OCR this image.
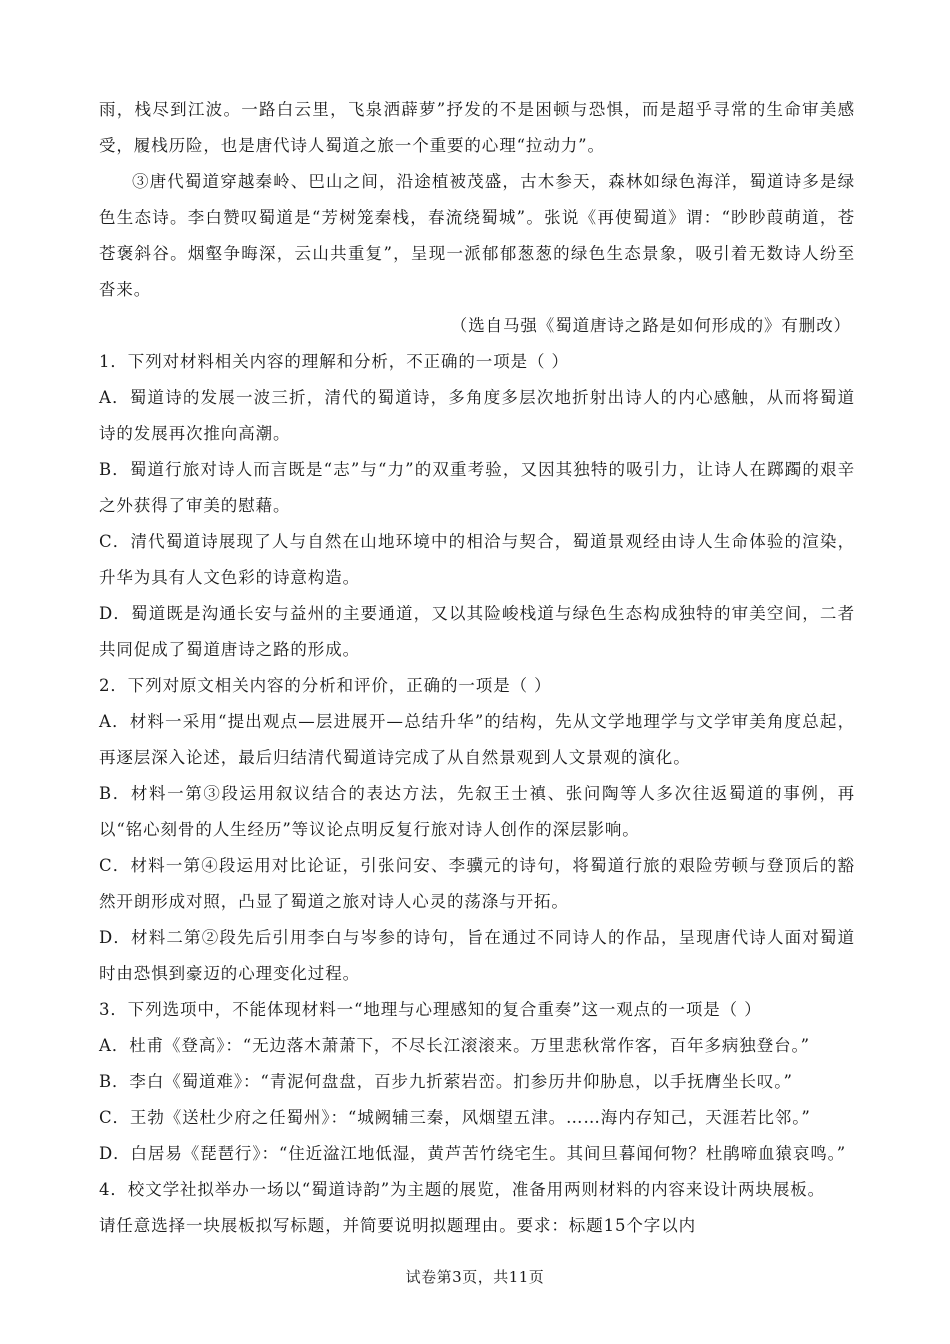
雨，栈尽到江波。一路白云里，飞泉洒薜萝”抒发的不是困顿与恐惧，而是超乎寻常的生命审美感受，履栈历险，也是唐代诗人蜀道之旅一个重要的心理“拉动力”。

③唐代蜀道穿越秦岭、巴山之间，沿途植被茂盛，古木参天，森林如绿色海洋，蜀道诗多是绿色生态诗。李白赞叹蜀道是“芳树笼秦栈，春流绕蜀城”。张说《再使蜀道》谓：“眇眇葭萌道，苍苍褒斜谷。烟壑争晦深，云山共重复”，呈现一派郁郁葱葱的绿色生态景象，吸引着无数诗人纷至沓来。

（选自马强《蜀道唐诗之路是如何形成的》有删改）

1．下列对材料相关内容的理解和分析，不正确的一项是（ ）

A．蜀道诗的发展一波三折，清代的蜀道诗，多角度多层次地折射出诗人的内心感触，从而将蜀道诗的发展再次推向高潮。

B．蜀道行旅对诗人而言既是“志”与“力”的双重考验，又因其独特的吸引力，让诗人在踯躅的艰辛之外获得了审美的慰藉。

C．清代蜀道诗展现了人与自然在山地环境中的相洽与契合，蜀道景观经由诗人生命体验的渲染，升华为具有人文色彩的诗意构造。

D．蜀道既是沟通长安与益州的主要通道，又以其险峻栈道与绿色生态构成独特的审美空间，二者共同促成了蜀道唐诗之路的形成。

2．下列对原文相关内容的分析和评价，正确的一项是（ ）

A．材料一采用“提出观点—层进展开—总结升华”的结构，先从文学地理学与文学审美角度总起，再逐层深入论述，最后归结清代蜀道诗完成了从自然景观到人文景观的演化。

B．材料一第③段运用叙议结合的表达方法，先叙王士禛、张问陶等人多次往返蜀道的事例，再以“铭心刻骨的人生经历”等议论点明反复行旅对诗人创作的深层影响。

C．材料一第④段运用对比论证，引张问安、李骥元的诗句，将蜀道行旅的艰险劳顿与登顶后的豁然开朗形成对照，凸显了蜀道之旅对诗人心灵的荡涤与开拓。

D．材料二第②段先后引用李白与岑参的诗句，旨在通过不同诗人的作品，呈现唐代诗人面对蜀道时由恐惧到豪迈的心理变化过程。

3．下列选项中，不能体现材料一“地理与心理感知的复合重奏”这一观点的一项是（ ）

A．杜甫《登高》：“无边落木萧萧下，不尽长江滚滚来。万里悲秋常作客，百年多病独登台。”

B．李白《蜀道难》：“青泥何盘盘，百步九折萦岩峦。扪参历井仰胁息，以手抚膺坐长叹。”

C．王勃《送杜少府之任蜀州》：“城阙辅三秦，风烟望五津。……海内存知己，天涯若比邻。”

D．白居易《琵琶行》：“住近湓江地低湿，黄芦苦竹绕宅生。其间旦暮闻何物？杜鹃啼血猿哀鸣。”

4．校文学社拟举办一场以“蜀道诗韵”为主题的展览，准备用两则材料的内容来设计两块展板。

请任意选择一块展板拟写标题，并简要说明拟题理由。要求：标题15个字以内

试卷第3页，共11页
